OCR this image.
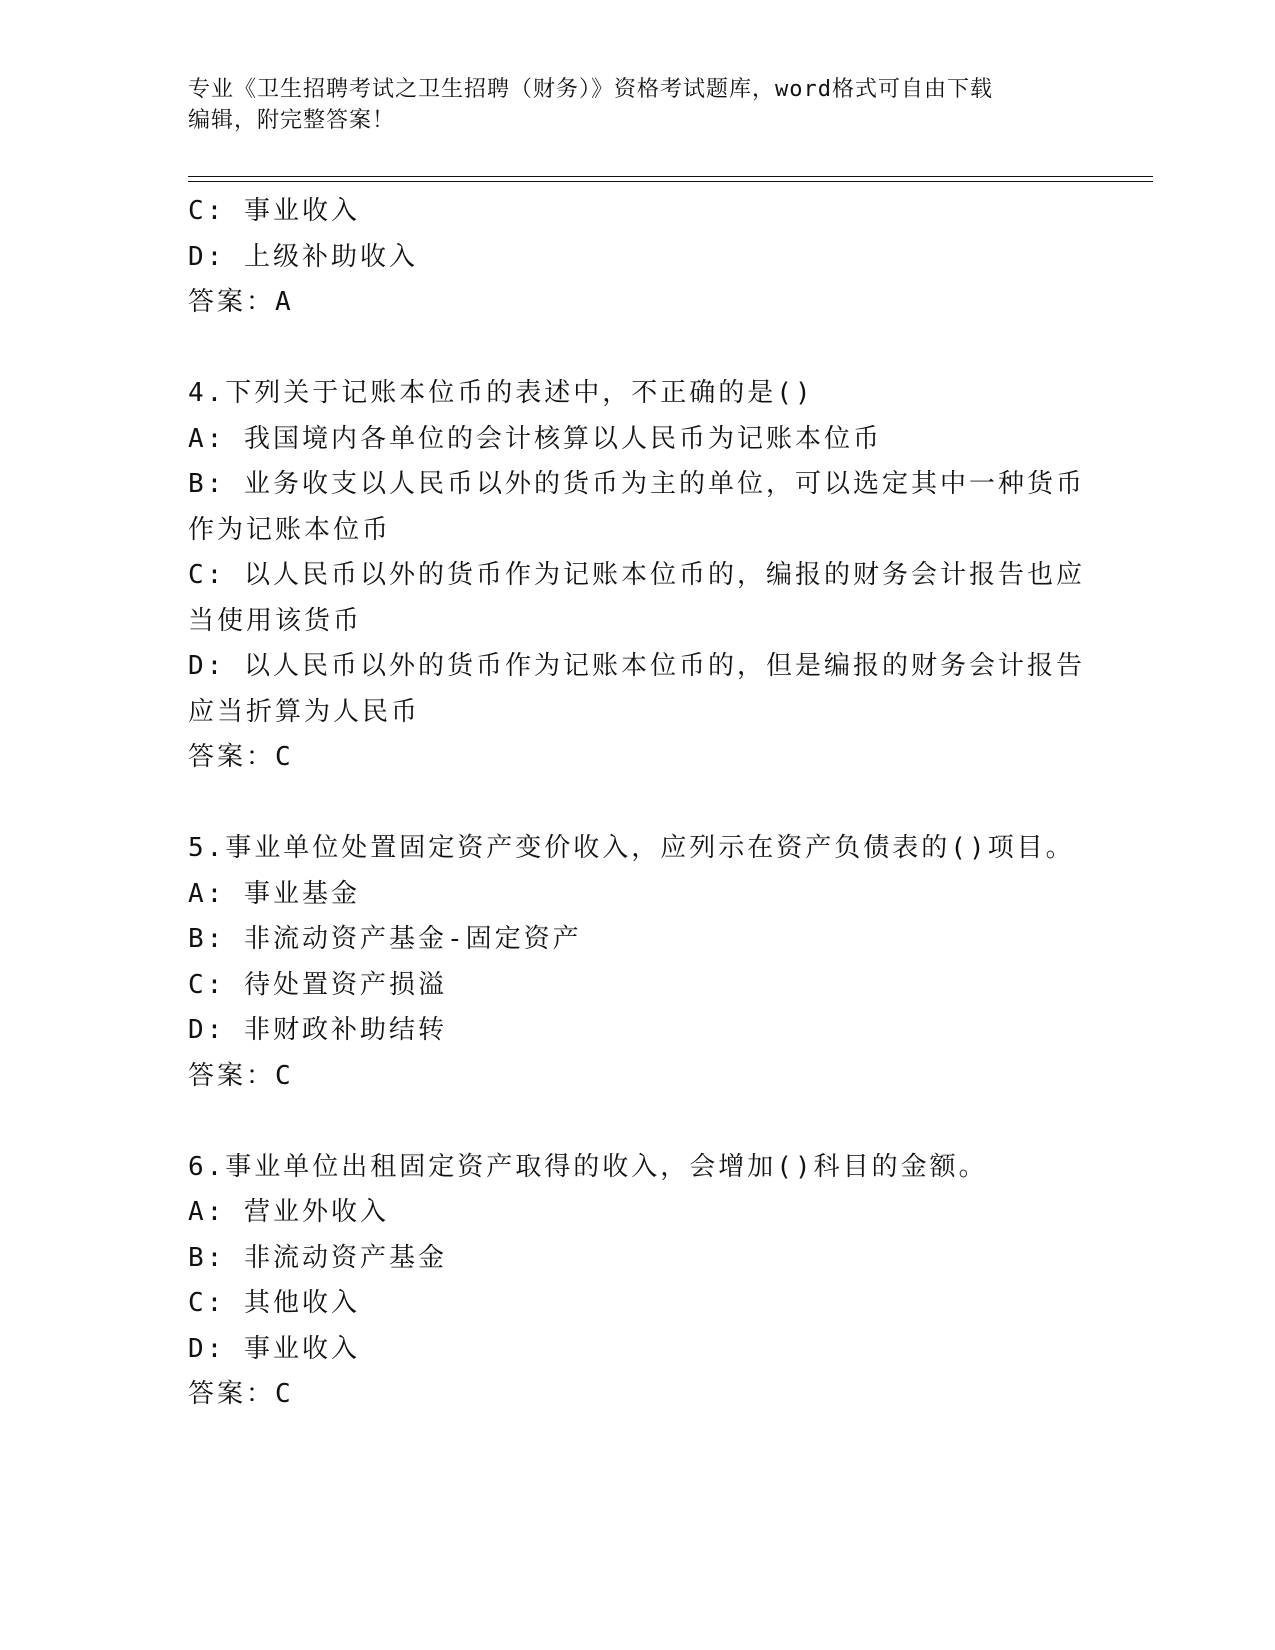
专业《卫生招聘考试之卫生招聘（财务）》资格考试题库，word格式可自由下载
编辑，附完整答案！
C: 事业收入
D: 上级补助收入
答案：A
4.下列关于记账本位币的表述中，不正确的是()
A: 我国境内各单位的会计核算以人民币为记账本位币
B: 业务收支以人民币以外的货币为主的单位，可以选定其中一种货币
作为记账本位币
C: 以人民币以外的货币作为记账本位币的，编报的财务会计报告也应
当使用该货币
D: 以人民币以外的货币作为记账本位币的，但是编报的财务会计报告
应当折算为人民币
答案：C
5.事业单位处置固定资产变价收入，应列示在资产负债表的()项目。
A: 事业基金
B: 非流动资产基金-固定资产
C: 待处置资产损溢
D: 非财政补助结转
答案：C
6.事业单位出租固定资产取得的收入，会增加()科目的金额。
A: 营业外收入
B: 非流动资产基金
C: 其他收入
D: 事业收入
答案：C
